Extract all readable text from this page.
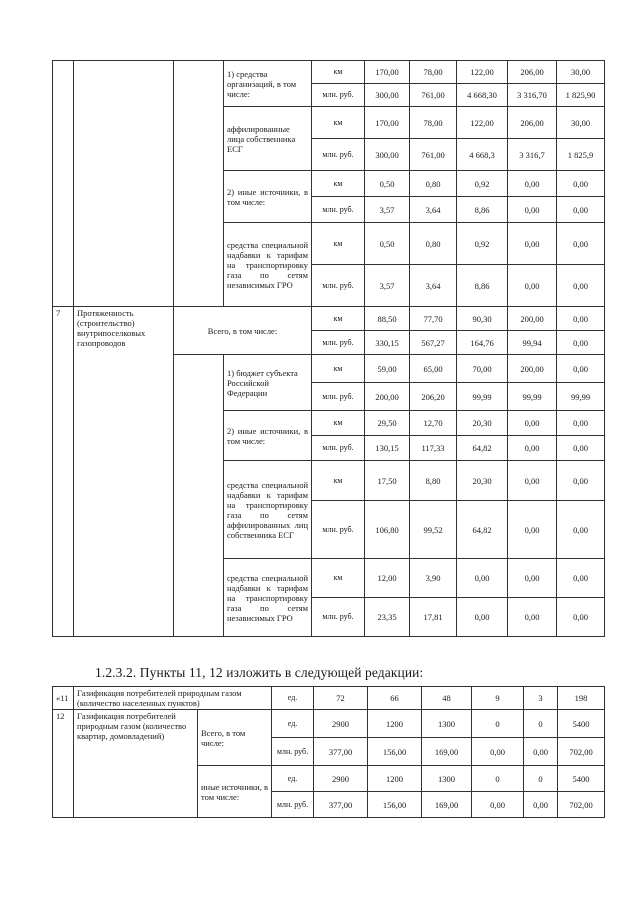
			1) средства организаций, в том числе:	км	170,00	78,00	122,00	206,00	30,00	
				млн. руб.	300,00	761,00	4 668,30	3 316,70	1 825,90	
			аффилированные лица собственника ЕСГ	км	170,00	78,00	122,00	206,00	30,00	
				млн. руб.	300,00	761,00	4 668,3	3 316,7	1 825,9	
			2) иные источники, в том числе:	км	0,50	0,80	0,92	0,00	0,00	
				млн. руб.	3,57	3,64	8,86	0,00	0,00	
			средства специальной надбавки к тарифам на транспортировку газа по сетям независимых ГРО	км	0,50	0,80	0,92	0,00	0,00	
				млн. руб.	3,57	3,64	8,86	0,00	0,00	
7	Протяженность (строительство) внутрипоселковых газопроводов	Всего, в том числе:		км	88,50	77,70	90,30	200,00	0,00	
				млн. руб.	330,15	567,27	164,76	99,94	0,00	
			1) бюджет субъекта Российской Федерации	км	59,00	65,00	70,00	200,00	0,00	
				млн. руб.	200,00	206,20	99,99	99,99	99,99	
			2) иные источники, в том числе:	км	29,50	12,70	20,30	0,00	0,00	
				млн. руб.	130,15	117,33	64,82	0,00	0,00	
			средства специальной надбавки к тарифам на транспортировку газа по сетям аффилированных лиц собственника ЕСГ	км	17,50	8,80	20,30	0,00	0,00	
				млн. руб.	106,80	99,52	64,82	0,00	0,00	
			средства специальной надбавки к тарифам на транспортировку газа по сетям независимых ГРО	км	12,00	3,90	0,00	0,00	0,00	
				млн. руб.	23,35	17,81	0,00	0,00	0,00	
1.2.3.2. Пункты 11, 12 изложить в следующей редакции:
«11	Газификация потребителей природным газом (количество населенных пунктов)		ед.	72	66	48	9	3	198
12	Газификация потребителей природным газом (количество квартир, домовладений)	Всего, в том числе:	ед.	2900	1200	1300	0	0	5400
			млн. руб.	377,00	156,00	169,00	0,00	0,00	702,00
		иные источники, в том числе:	ед.	2900	1200	1300	0	0	5400
			млн. руб.	377,00	156,00	169,00	0,00	0,00	702,00
